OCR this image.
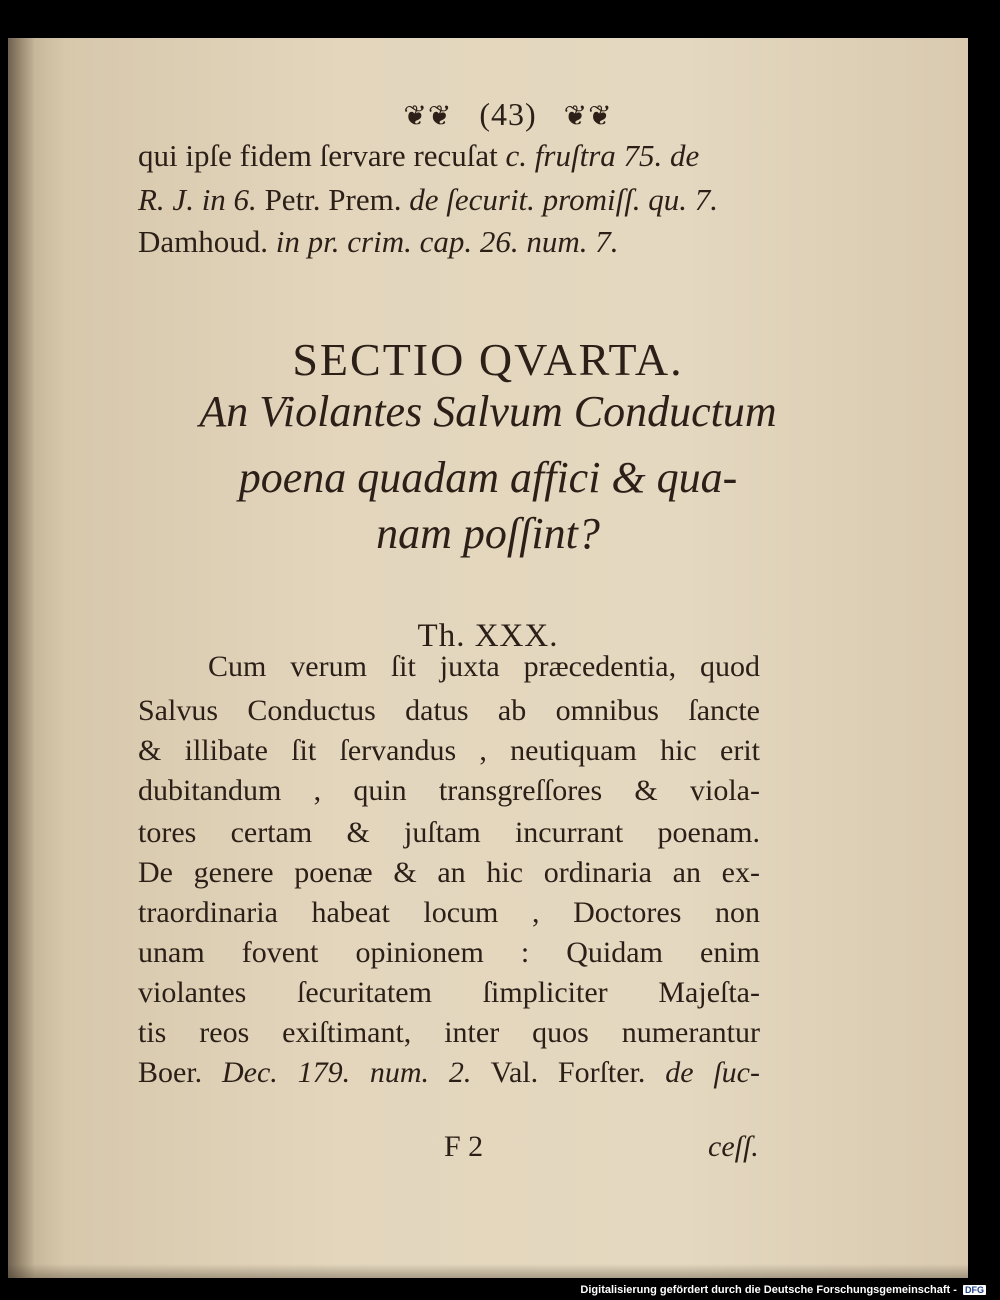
❦❦ (43) ❦❦
qui ipſe fidem ſervare recuſat c. fruſtra 75. de
R. J. in 6. Petr. Prem. de ſecurit. promiſſ. qu. 7.
Damhoud. in pr. crim. cap. 26. num. 7.
SECTIO QVARTA.
An Violantes Salvum Conductum
poena quadam affici & qua-
nam poſſint?
Th. XXX.
Cum verum ſit juxta præcedentia, quod
Salvus Conductus datus ab omnibus ſancte
& illibate ſit ſervandus , neutiquam hic erit
dubitandum , quin transgreſſores & viola-
tores certam & juſtam incurrant poenam.
De genere poenæ & an hic ordinaria an ex-
traordinaria habeat locum , Doctores non
unam fovent opinionem : Quidam enim
violantes ſecuritatem ſimpliciter Majeſta-
tis reos exiſtimant, inter quos numerantur
Boer. Dec. 179. num. 2. Val. Forſter. de ſuc-
F 2	ceſſ.
Digitalisierung gefördert durch die Deutsche Forschungsgemeinschaft - DFG
